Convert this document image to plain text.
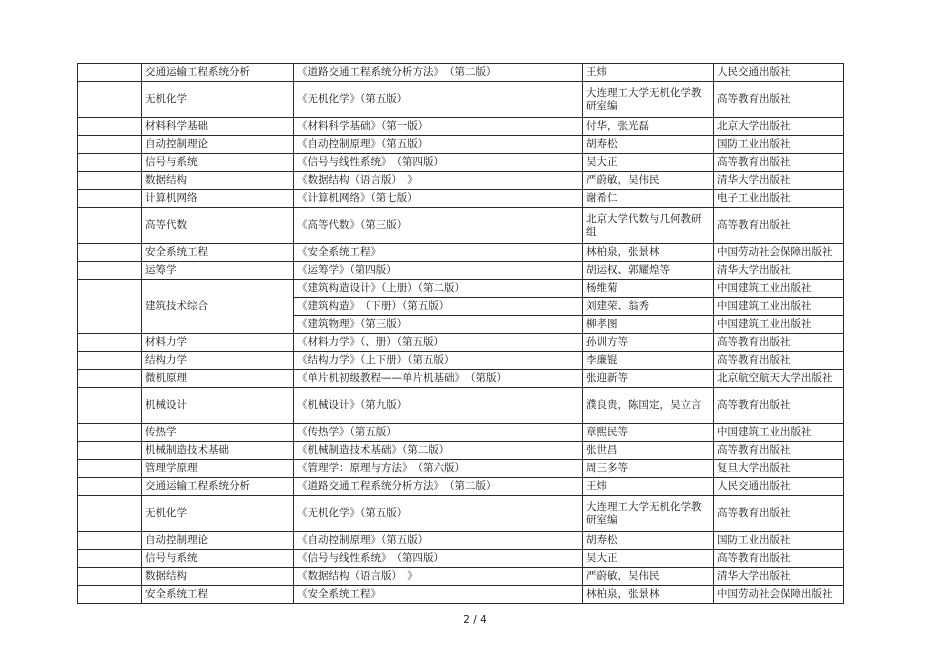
	交通运输工程系统分析	《道路交通工程系统分析方法》　（第二版）	王炜	人民交通出版社
	无机化学	《无机化学》（第五版）	大连理工大学无机化学教研室编	高等教育出版社
	材料科学基础	《材料科学基础》（第一版）	付华，张光磊	北京大学出版社
	自动控制理论	《自动控制原理》（第五版）	胡寿松	国防工业出版社
	信号与系统	《信号与线性系统》　（第四版）	吴大正	高等教育出版社
	数据结构	《数据结构（语言版）　》	严蔚敏，吴伟民	清华大学出版社
	计算机网络	《计算机网络》（第七版）	谢希仁	电子工业出版社
	高等代数	《高等代数》（第三版）	北京大学代数与几何教研组	高等教育出版社
	安全系统工程	《安全系统工程》	林柏泉，张景林	中国劳动社会保障出版社
	运筹学	《运筹学》（第四版）	胡运权、郭耀煌等	清华大学出版社
	建筑技术综合	《建筑构造设计》（上册）（第二版）	杨维菊	中国建筑工业出版社
		《建筑构造》　（下册）（第五版）	刘建荣、翁秀	中国建筑工业出版社
		《建筑物理》（第三版）	柳孝图	中国建筑工业出版社
	材料力学	《材料力学》（、册）（第五版）	孙训方等	高等教育出版社
	结构力学	《结构力学》（上下册）（第五版）	李廉锟	高等教育出版社
	微机原理	《单片机初级教程——单片机基础》　（第版）	张迎新等	北京航空航天大学出版社
	机械设计	《机械设计》（第九版）	濮良贵，陈国定，吴立言	高等教育出版社
	传热学	《传热学》（第五版）	章熙民等	中国建筑工业出版社
	机械制造技术基础	《机械制造技术基础》（第二版）	张世昌	高等教育出版社
	管理学原理	《管理学：原理与方法》　（第六版）	周三多等	复旦大学出版社
	交通运输工程系统分析	《道路交通工程系统分析方法》　（第二版）	王炜	人民交通出版社
	无机化学	《无机化学》（第五版）	大连理工大学无机化学教研室编	高等教育出版社
	自动控制理论	《自动控制原理》（第五版）	胡寿松	国防工业出版社
	信号与系统	《信号与线性系统》　（第四版）	吴大正	高等教育出版社
	数据结构	《数据结构（语言版）　》	严蔚敏，吴伟民	清华大学出版社
	安全系统工程	《安全系统工程》	林柏泉，张景林	中国劳动社会保障出版社
2 / 4
